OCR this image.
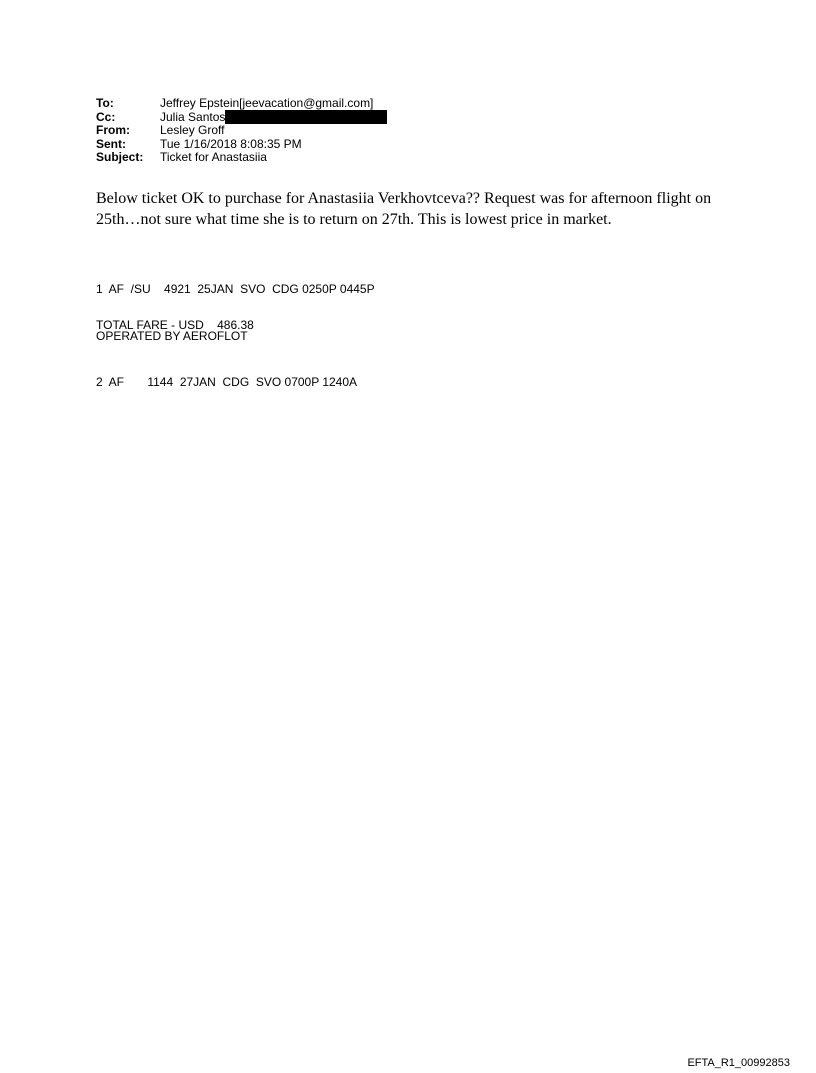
To:	Jeffrey Epstein[jeevacation@gmail.com]
Cc:	Julia Santos
From:	Lesley Groff
Sent:	Tue 1/16/2018 8:08:35 PM
Subject:	Ticket for Anastasiia
Below ticket OK to purchase for Anastasiia Verkhovtceva?? Request was for afternoon flight on 25th…not sure what time she is to return on 27th. This is lowest price in market.

1  AF  /SU    4921  25JAN  SVO  CDG 0250P 0445P

OPERATED BY AEROFLOT

2  AF       1144  27JAN  CDG  SVO 0700P 1240A

TOTAL FARE - USD    486.38
EFTA_R1_00992853
